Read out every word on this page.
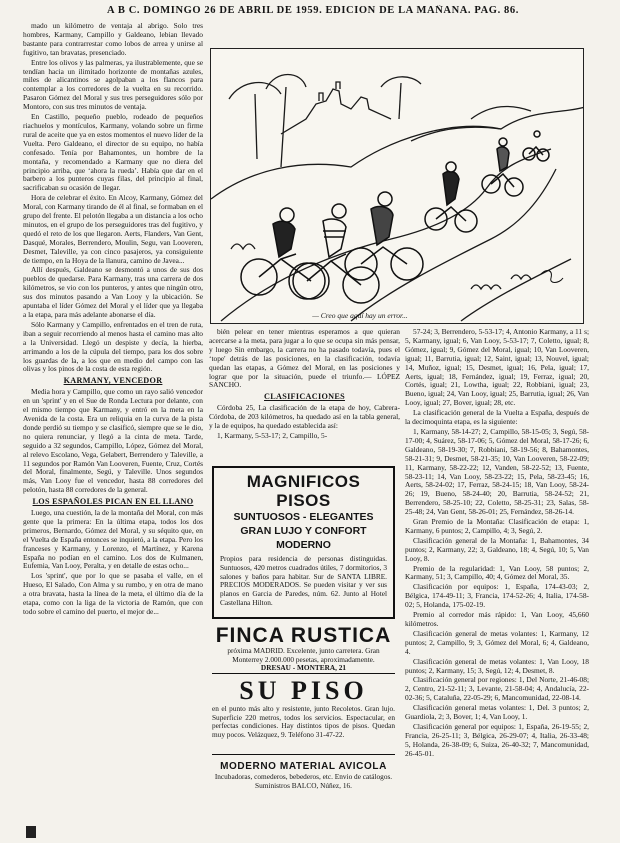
A B C. DOMINGO 26 DE ABRIL DE 1959. EDICION DE LA MAÑANA. PAG. 86.

mado un kilómetro de ventaja al abrigo. Solo tres hombres, Karmany, Campillo y Galdeano, lebian llevado bastante para contrarrestar como lobos de arrea y unirse al fugitivo, tan bravatas, presenciado.

Entre los olivos y las palmeras, ya ilustrablemente, que se tendían hacia un ilimitado horizonte de montañas azules, miles de alicantinos se agolpaban a los flancos para contemplar a los corredores de la vuelta en su recorrido. Pasaron Gómez del Moral y sus tres perseguidores sólo por Montoro, con sus tres minutos de ventaja.

En Castillo, pequeño pueblo, rodeado de pequeños riachuelos y montículos, Karmany, volando sobre un firme rural de aceite que ya en estos momentos el nuevo líder de la Vuelta. Pero Galdeano, el director de su equipo, no había confesado. Tenía por Bahamontes, un hombre de la montaña, y recomendado a Karmany que no diera del principio arriba, que ‘ahora la rueda’. Había que dar en el barbero a los punteros cuyas filas, del principio al final, sacrificaban su ocasión de llegar.

Hora de celebrar el éxito. En Alcoy, Karmany, Gómez del Moral, con Karmany tirando de él al final, se formaban en el grupo del frente. El pelotón llegaba a un distancia a los ocho minutos, en el grupo de los perseguidores tras del fugitivo, y quedó el reto de los que llegaron. Aerts, Flanders, Van Gent, Dasqué, Morales, Berrendero, Moulin, Segu, van Looveren, Desmet, Taleville, ya con cinco pasajeros, ya consiguiente de tiempo, en la Hoya de la llanura, camino de Javea...

Allí después, Galdeano se desmontó a unos de sus dos pueblos de quedarse. Para Karmany, tras una carrera de dos kilómetros, se vio con los punteros, y antes que ningún otro, sus dos minutos pasando a Van Looy y la ubicación. Se apuntaba el líder Gómez del Moral y el líder que ya llegaba a la etapa, para más adelante abonarse el día.

Sólo Karmany y Campillo, enfrentados en el tren de ruta, iban a seguir recorriendo al menos hasta el camino mas alto a la Universidad. Llegó un despiste y decía, la hierba, arrimando a los de la cúpula del tiempo, para los dos sobre los guardas de la, a los que en medio del campo con las olivas y los pinos de la costa de esta región.

KARMANY, VENCEDOR

Media hora y Campillo, que como un rayo salió vencedor en un 'sprint' y en el Sue de Ronda Lectura por delante, con el mismo tiempo que Karmany, y entró en la meta en la Avenida de la costa. Era un reliquia en la curva de la pista donde perdió su tiempo y se clasificó, siempre que se le dio, no quiera renunciar, y llegó a la cinta de meta. Tarde, seguido a 32 segundos, Campillo, López, Gómez del Moral, al relevo Escolano, Vega, Gelabert, Berrendero y Taleville, a 11 segundos por Ramón Van Looveren, Fuente, Cruz, Cortés del Moral, finalmente, Segú, y Taleville. Unos segundos más, Van Looy fue el vencedor, hasta 88 corredores del pelotón, hasta 88 corredores de la general.

LOS ESPAÑOLES PICAN EN EL LLANO

Luego, una cuestión, la de la montaña del Moral, con más gente que la primera: En la última etapa, todos los dos primeros, Bernardo, Gómez del Moral, y su séquito que, en el Vuelta de España entonces se inquietó, a la etapa. Pero los franceses y Karmany, y Lorenzo, el Martínez, y Karena España no podían en el camino. Los dos de Kulmanen, Eufemia, Van Looy, Peralta, y en detalle de estas ocho...

Los 'sprint', que por lo que se pasaba el valle, en el Hueso, El Salado, Con Alma y su rumbo, y en otra de mano a otra bravata, hasta la línea de la meta, el último día de la etapa, como con la liga de la victoria de Ramón, que con todo sobre el camino del puerto, el mejor de...

— Creo que aquí hay un error...

bién pelear en tener mientras esperamos a que quieran acercarse a la meta, para jugar a lo que se ocupa sin más pensar, y luego Sin embargo, la carrera no ha pasado todavía, pues el ‘tope' detrás de las posiciones, en la clasificación, todavía quedan las etapas, a Gómez del Moral, en las posiciones y lograr que por la situación, puede el triunfo.— LÓPEZ SANCHO.

CLASIFICACIONES

Córdoba 25, La clasificación de la etapa de hoy, Cabrera-Córdoba, de 203 kilómetros, ha quedado así en la tabla general, y la de equipos, ha quedado establecida así:

1, Karmany, 5-53-17; 2, Campillo, 5-

MAGNIFICOS PISOS
SUNTUOSOS - ELEGANTES
GRAN LUJO Y CONFORT
MODERNO
Propios para residencia de personas distinguidas. Suntuosos, 420 metros cuadrados útiles, 7 dormitorios, 3 salones y baños para habitar. Sur de SANTA LIBRE. PRECIOS MODERADOS. Se pueden visitar y ver sus planos en Garcia de Paredes, núm. 62. Junto al Hotel Castellana Hilton.
FINCA RUSTICA
próxima MADRID. Excelente, junto carretera. Gran Monterrey 2.000.000 pesetas, aproximadamente.
DRESAU - MONTERA, 21
SU PISO
en el punto más alto y resistente, junto Recoletos. Gran lujo. Superficie 220 metros, todos los servicios. Espectacular, en perfectas condiciones. Hay distintos tipos de pisos. Quedan muy pocos. Velázquez, 9. Teléfono 31-47-22.
MODERNO MATERIAL AVICOLA
Incubadoras, comederos, bebederos, etc. Envio de catálogos. Suministros BALCO, Núñez, 16.

57-24; 3, Berrendero, 5-53-17; 4, Antonio Karmany, a 11 s; 5, Karmany, igual; 6, Van Looy, 5-53-17; 7, Coletto, igual; 8, Gómez, igual; 9, Gómez del Moral, igual; 10, Van Looveren, igual; 11, Barrutia, igual; 12, Saint, igual; 13, Nouvel, igual; 14, Muñoz, igual; 15, Desmet, igual; 16, Pela, igual; 17, Aerts, igual; 18, Fernández, igual; 19, Ferraz, igual; 20, Cortés, igual; 21, Lowtha, igual; 22, Robbiani, igual; 23, Bueno, igual; 24, Van Looy, igual; 25, Barrutia, igual; 26, Van Looy, igual; 27, Bover, igual; 28, etc.

La clasificación general de la Vuelta a España, después de la decimoquinta etapa, es la siguiente:

1, Karmany, 58-14-27; 2, Campillo, 58-15-05; 3, Segú, 58-17-00; 4, Suárez, 58-17-06; 5, Gómez del Moral, 58-17-26; 6, Galdeano, 58-19-30; 7, Robbiani, 58-19-56; 8, Bahamontes, 58-21-31; 9, Desmet, 58-21-35; 10, Van Looveren, 58-22-09; 11, Karmany, 58-22-22; 12, Vanden, 58-22-52; 13, Fuente, 58-23-11; 14, Van Looy, 58-23-22; 15, Pela, 58-23-45; 16, Aerts, 58-24-02; 17, Ferraz, 58-24-15; 18, Van Looy, 58-24-26; 19, Bueno, 58-24-40; 20, Barrutia, 58-24-52; 21, Berrendero, 58-25-10; 22, Coletto, 58-25-31; 23, Salas, 58-25-48; 24, Van Gent, 58-26-01; 25, Fernández, 58-26-14.

Gran Premio de la Montaña: Clasificación de etapa: 1, Karmany, 6 puntos; 2, Campillo, 4; 3, Segú, 2.

Clasificación general de la Montaña: 1, Bahamontes, 34 puntos; 2, Karmany, 22; 3, Galdeano, 18; 4, Segú, 10; 5, Van Looy, 8.

Premio de la regularidad: 1, Van Looy, 58 puntos; 2, Karmany, 51; 3, Campillo, 40; 4, Gómez del Moral, 35.

Clasificación por equipos: 1, España, 174-43-03; 2, Bélgica, 174-49-11; 3, Francia, 174-52-26; 4, Italia, 174-58-02; 5, Holanda, 175-02-19.

Premio al corredor más rápido: 1, Van Looy, 45,660 kilómetros.

Clasificación general de metas volantes: 1, Karmany, 12 puntos; 2, Campillo, 9; 3, Gómez del Moral, 6; 4, Galdeano, 4.

Clasificación general de metas volantes: 1, Van Looy, 18 puntos; 2, Karmany, 15; 3, Segú, 12; 4, Desmet, 8.

Clasificación general por regiones: 1, Del Norte, 21-46-08; 2, Centro, 21-52-11; 3, Levante, 21-58-04; 4, Andalucía, 22-02-36; 5, Cataluña, 22-05-29; 6, Mancomunidad, 22-08-14.

Clasificación general metas volantes: 1, Del. 3 puntos; 2, Guardiola, 2; 3, Bover, 1; 4, Van Looy, 1.

Clasificación general por equipos: 1, España, 26-19-55; 2, Francia, 26-25-11; 3, Bélgica, 26-29-07; 4, Italia, 26-33-48; 5, Holanda, 26-38-09; 6, Suiza, 26-40-32; 7, Mancomunidad, 26-45-01.
